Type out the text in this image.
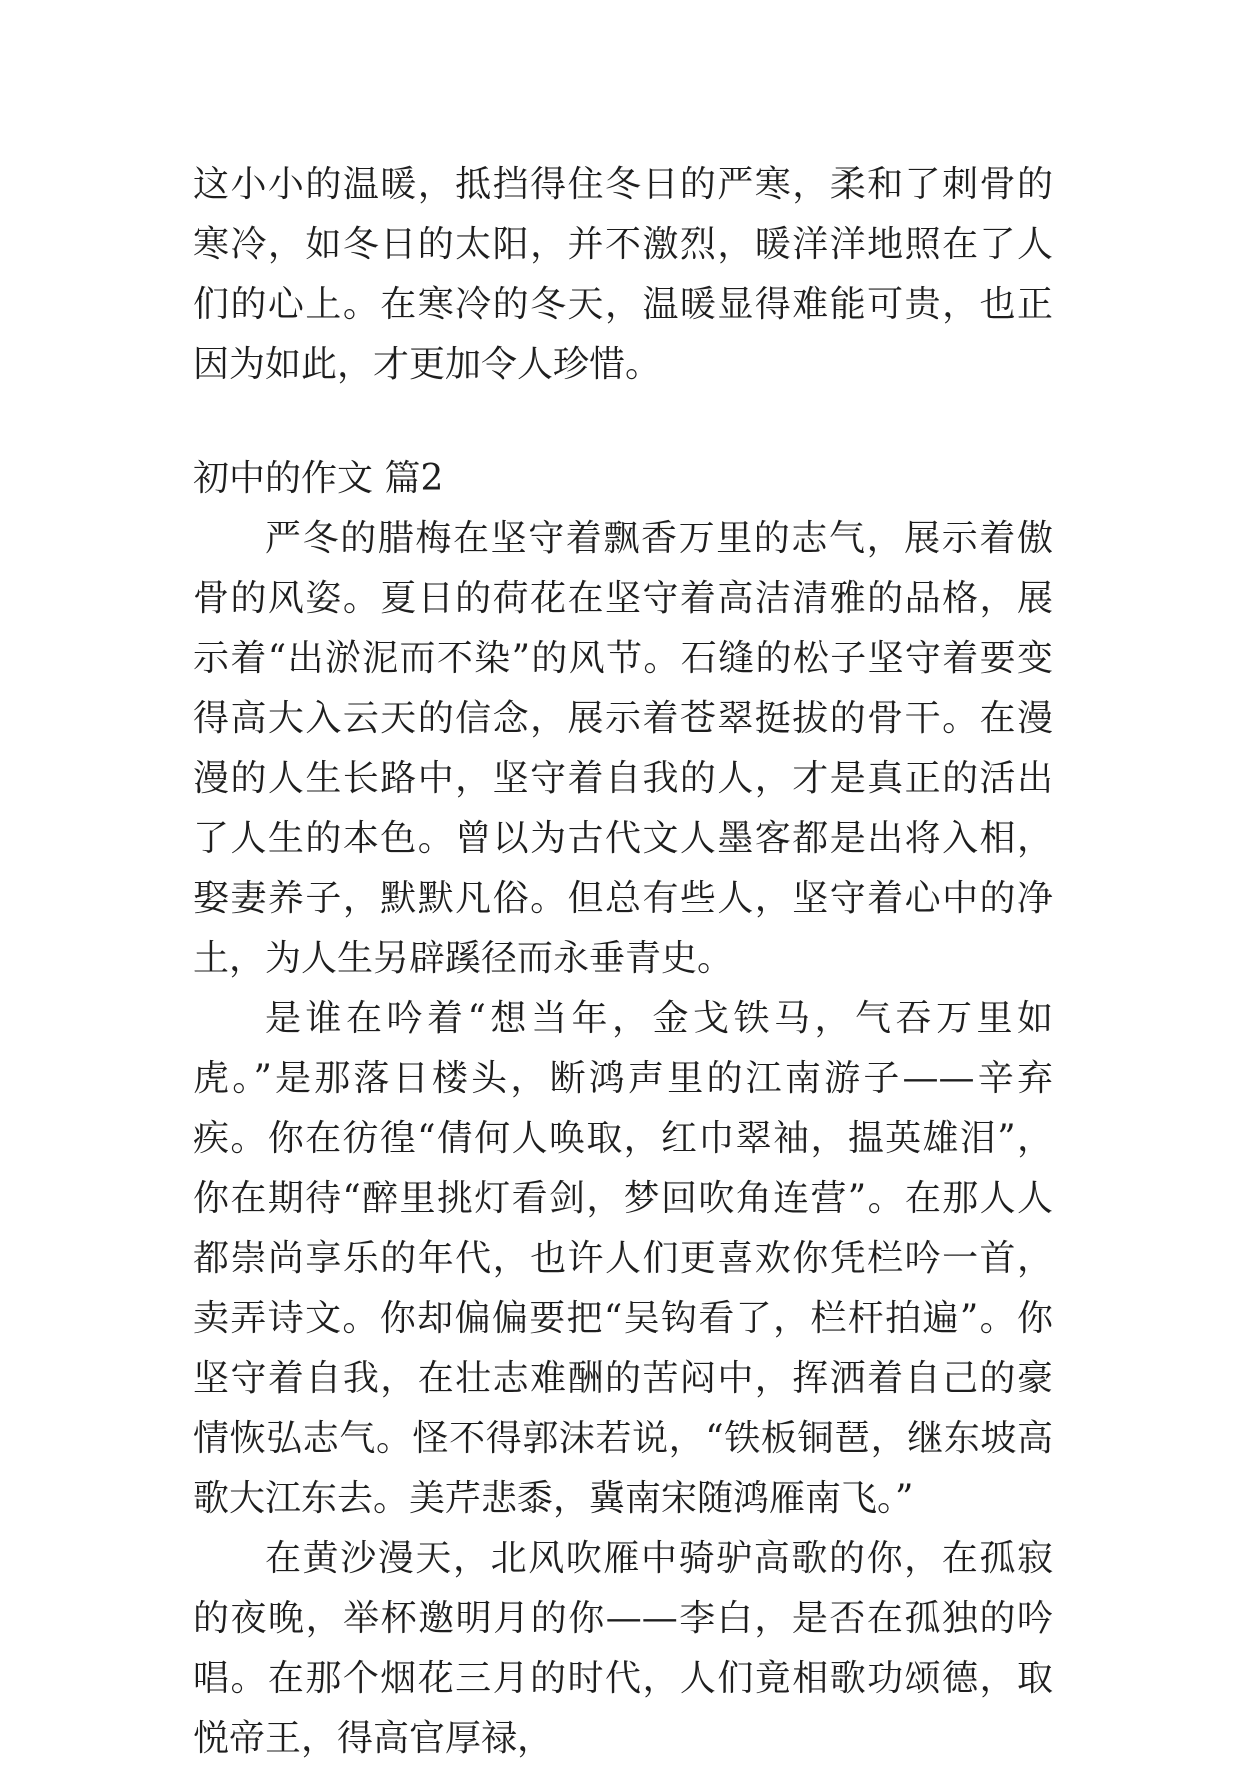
这小小的温暖，抵挡得住冬日的严寒，柔和了刺骨的寒冷，如冬日的太阳，并不激烈，暖洋洋地照在了人们的心上。在寒冷的冬天，温暖显得难能可贵，也正因为如此，才更加令人珍惜。

初中的作文 篇2

严冬的腊梅在坚守着飘香万里的志气，展示着傲骨的风姿。夏日的荷花在坚守着高洁清雅的品格，展示着“出淤泥而不染”的风节。石缝的松子坚守着要变得高大入云天的信念，展示着苍翠挺拔的骨干。在漫漫的人生长路中，坚守着自我的人，才是真正的活出了人生的本色。曾以为古代文人墨客都是出将入相，娶妻养子，默默凡俗。但总有些人，坚守着心中的净土，为人生另辟蹊径而永垂青史。

是谁在吟着“想当年，金戈铁马，气吞万里如虎。”是那落日楼头，断鸿声里的江南游子——辛弃疾。你在彷徨“倩何人唤取，红巾翠袖，揾英雄泪”，你在期待“醉里挑灯看剑，梦回吹角连营”。在那人人都崇尚享乐的年代，也许人们更喜欢你凭栏吟一首，卖弄诗文。你却偏偏要把“吴钩看了，栏杆拍遍”。你坚守着自我，在壮志难酬的苦闷中，挥洒着自己的豪情恢弘志气。怪不得郭沫若说，“铁板铜琶，继东坡高歌大江东去。美芹悲黍，冀南宋随鸿雁南飞。”

在黄沙漫天，北风吹雁中骑驴高歌的你，在孤寂的夜晚，举杯邀明月的你——李白，是否在孤独的吟唱。在那个烟花三月的时代，人们竟相歌功颂德，取悦帝王，得高官厚禄，
